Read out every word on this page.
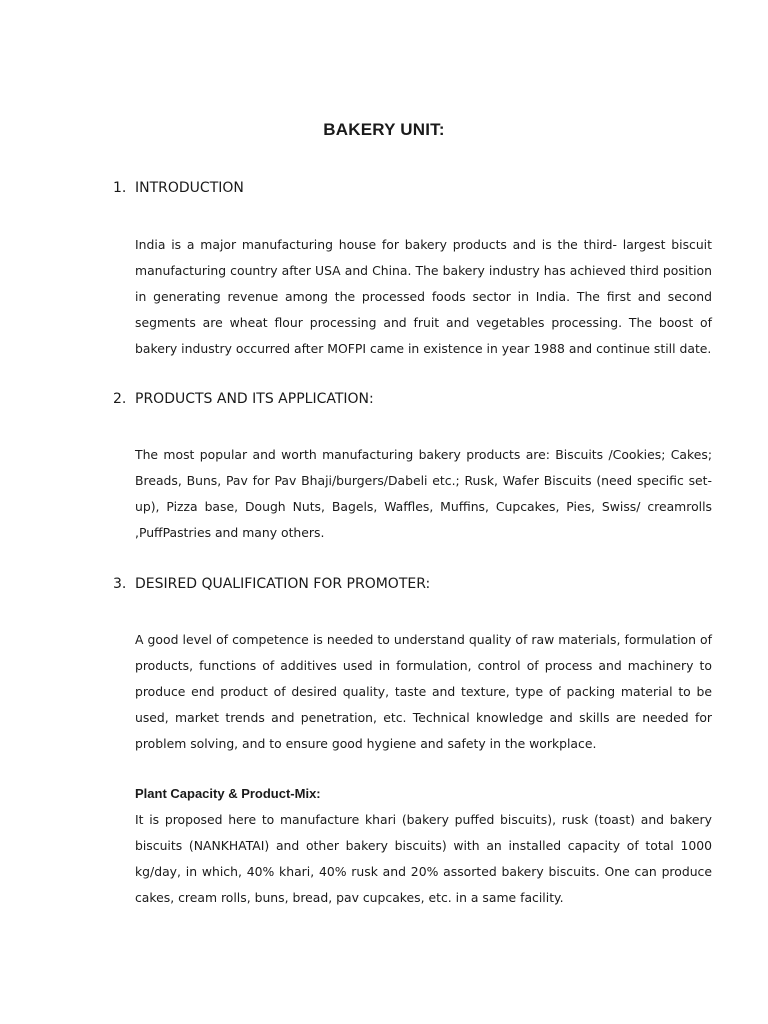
BAKERY UNIT:
1. INTRODUCTION

India is a major manufacturing house for bakery products and is the third- largest biscuit manufacturing country after USA and China. The bakery industry has achieved third position in generating revenue among the processed foods sector in India. The first and second segments are wheat flour processing and fruit and vegetables processing. The boost of bakery industry occurred after MOFPI came in existence in year 1988 and continue still date.

2. PRODUCTS AND ITS APPLICATION:

The most popular and worth manufacturing bakery products are: Biscuits /Cookies; Cakes; Breads, Buns, Pav for Pav Bhaji/burgers/Dabeli etc.; Rusk, Wafer Biscuits (need specific set-up), Pizza base, Dough Nuts, Bagels, Waffles, Muffins, Cupcakes, Pies, Swiss/ creamrolls ,PuffPastries and many others.

3. DESIRED QUALIFICATION FOR PROMOTER:

A good level of competence is needed to understand quality of raw materials, formulation of products, functions of additives used in formulation, control of process and machinery to produce end product of desired quality, taste and texture, type of packing material to be used, market trends and penetration, etc. Technical knowledge and skills are needed for problem solving, and to ensure good hygiene and safety in the workplace.

Plant Capacity & Product-Mix:

It is proposed here to manufacture khari (bakery puffed biscuits), rusk (toast) and bakery biscuits (NANKHATAI) and other bakery biscuits) with an installed capacity of total 1000 kg/day, in which, 40% khari, 40% rusk and 20% assorted bakery biscuits. One can produce cakes, cream rolls, buns, bread, pav cupcakes, etc. in a same facility.
